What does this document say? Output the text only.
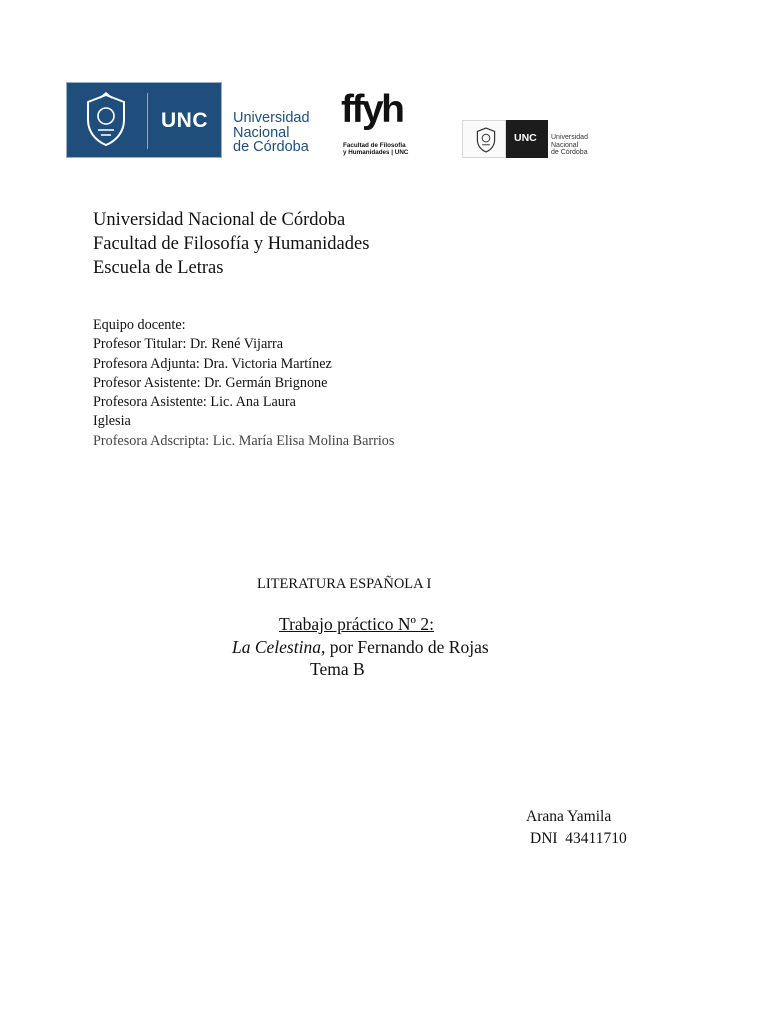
UNC Universidad
Nacional
de Córdoba
ffyh
Facultad de Filosofía
y Humanidades | UNC
UNC Universidad
Nacional
de Córdoba
Universidad Nacional de Córdoba
Facultad de Filosofía y Humanidades
Escuela de Letras
Equipo docente:
Profesor Titular: Dr. René Vijarra
Profesora Adjunta: Dra. Victoria Martínez
Profesor Asistente: Dr. Germán Brignone
Profesora Asistente: Lic. Ana Laura
Iglesia
Profesora Adscripta: Lic. María Elisa Molina Barrios
LITERATURA ESPAÑOLA I
Trabajo práctico Nº 2:
La Celestina, por Fernando de Rojas
Tema B
Arana Yamila
DNI  43411710
